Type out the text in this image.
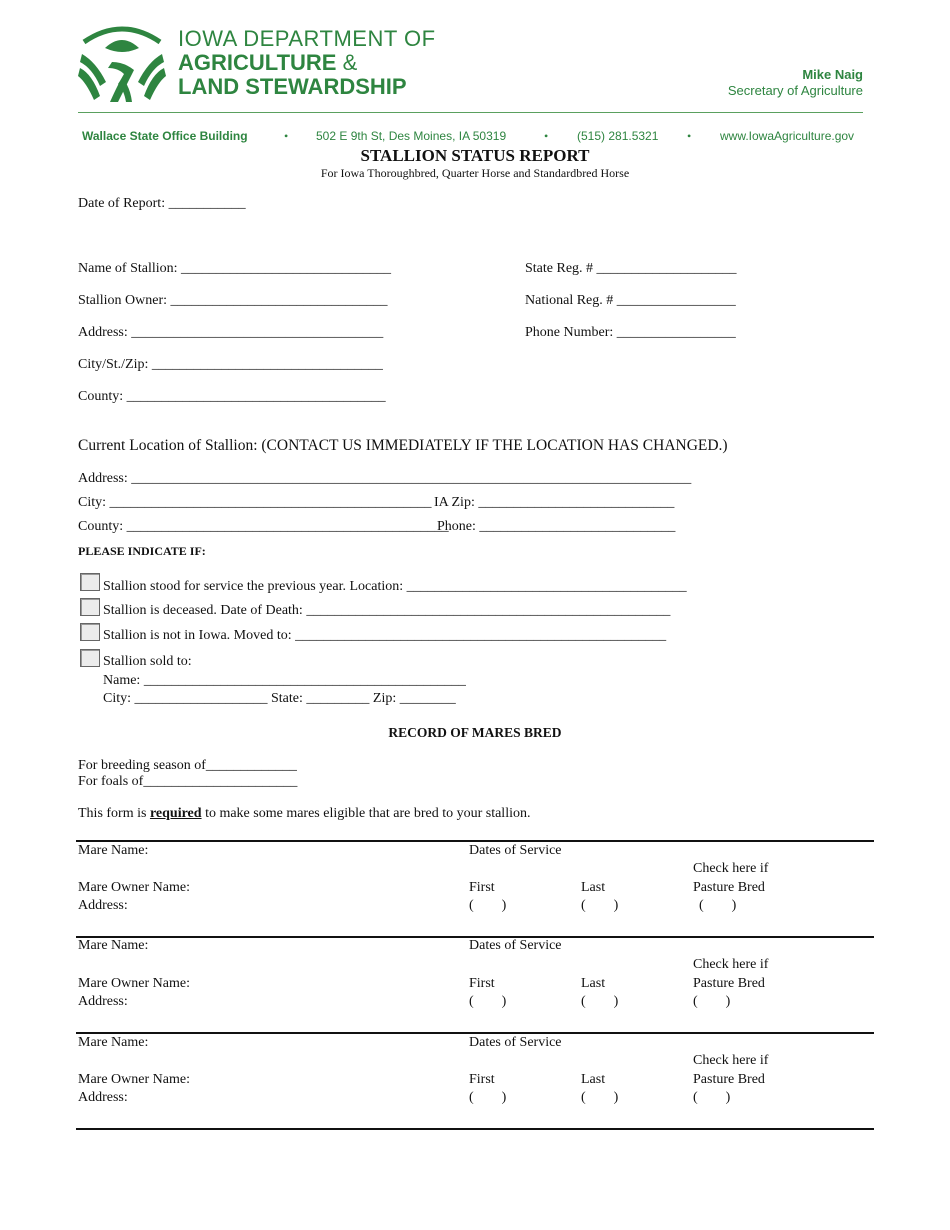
IOWA DEPARTMENT OF
AGRICULTURE &
LAND STEWARDSHIP	Mike Naig
Secretary of Agriculture
Wallace State Office Building	• 502 E 9th St, Des Moines, IA 50319	• (515) 281.5321 • www.IowaAgriculture.gov
STALLION STATUS REPORT
For Iowa Thoroughbred, Quarter Horse and Standardbred Horse
Date of Report: ___________
Name of Stallion: ______________________________
Stallion Owner: _______________________________
Address: ____________________________________
City/St./Zip: _________________________________
County: _____________________________________
State Reg. # ____________________
National Reg. # _________________
Phone Number: _________________
Current Location of Stallion: (CONTACT US IMMEDIATELY IF THE LOCATION HAS CHANGED.)
Address: ________________________________________________________________________________
City: ______________________________________________ IA Zip: ____________________________
County: ______________________________________________
Phone: ____________________________
PLEASE INDICATE IF:
Stallion stood for service the previous year. Location: ________________________________________
Stallion is deceased. Date of Death: ____________________________________________________
Stallion is not in Iowa. Moved to: _____________________________________________________
Stallion sold to:
Name: ______________________________________________
City: ___________________ State: _________ Zip: ________
RECORD OF MARES BRED
For breeding season of_____________
For foals of______________________
This form is required to make some mares eligible that are bred to your stallion.
Mare Name:	Dates of Service
Check here if
Mare Owner Name:	First	Last	Pasture Bred
Address:	(        )	(        )	(        )
Mare Name:	Dates of Service
Check here if
Mare Owner Name:	First	Last	Pasture Bred
Address:	(        )	(        )	(        )
Mare Name:	Dates of Service
Check here if
Mare Owner Name:	First	Last	Pasture Bred
Address:	(        )	(        )	(        )
